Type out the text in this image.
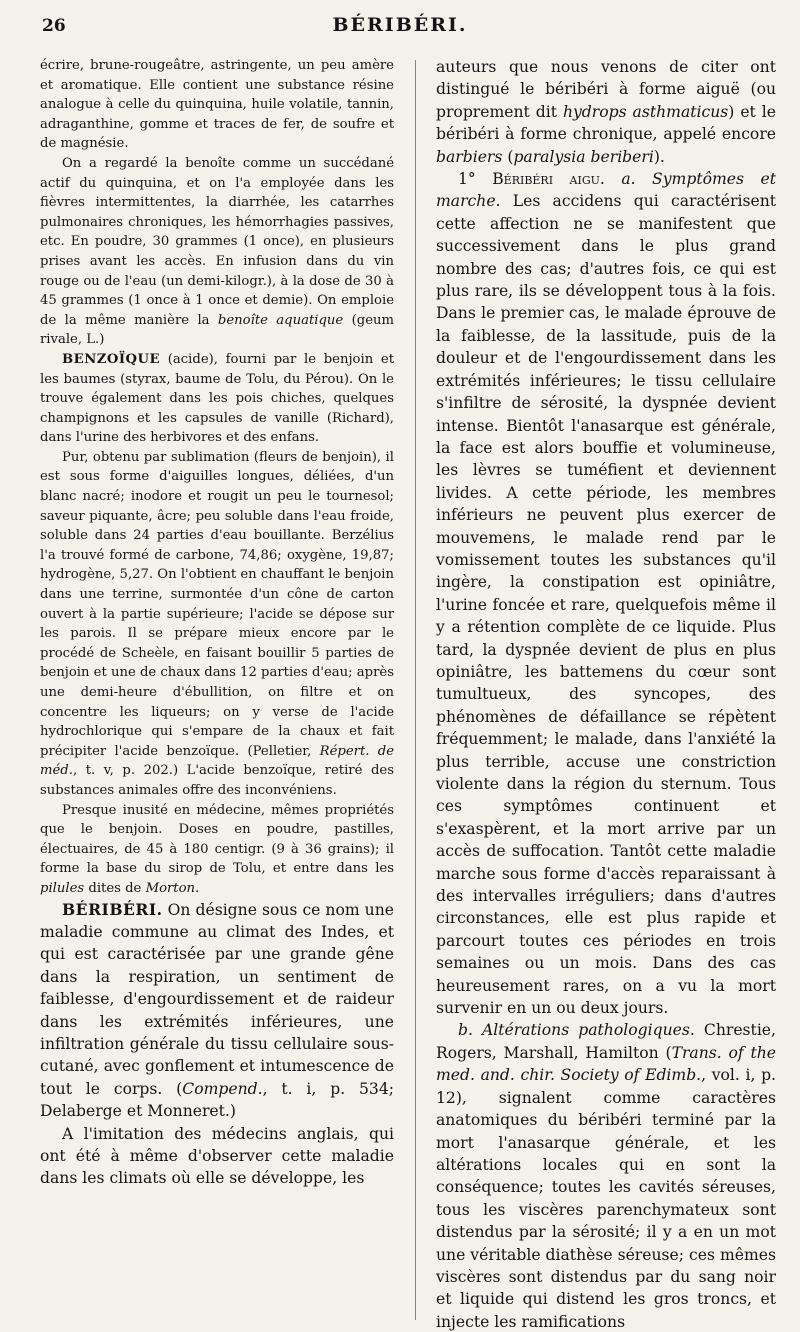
26	BÉRIBÉRI.

écrire, brune-rougeâtre, astringente, un peu amère et aromatique. Elle contient une substance résine analogue à celle du quinquina, huile volatile, tannin, adraganthine, gomme et traces de fer, de soufre et de magnésie.

On a regardé la benoîte comme un succédané actif du quinquina, et on l'a employée dans les fièvres intermittentes, la diarrhée, les catarrhes pulmonaires chroniques, les hémorrhagies passives, etc. En poudre, 30 grammes (1 once), en plusieurs prises avant les accès. En infusion dans du vin rouge ou de l'eau (un demi-kilogr.), à la dose de 30 à 45 grammes (1 once à 1 once et demie). On emploie de la même manière la benoîte aquatique (geum rivale, L.)

BENZOÏQUE (acide), fourni par le benjoin et les baumes (styrax, baume de Tolu, du Pérou). On le trouve également dans les pois chiches, quelques champignons et les capsules de vanille (Richard), dans l'urine des herbivores et des enfans.

Pur, obtenu par sublimation (fleurs de benjoin), il est sous forme d'aiguilles longues, déliées, d'un blanc nacré; inodore et rougit un peu le tournesol; saveur piquante, âcre; peu soluble dans l'eau froide, soluble dans 24 parties d'eau bouillante. Berzélius l'a trouvé formé de carbone, 74,86; oxygène, 19,87; hydrogène, 5,27. On l'obtient en chauffant le benjoin dans une terrine, surmontée d'un cône de carton ouvert à la partie supérieure; l'acide se dépose sur les parois. Il se prépare mieux encore par le procédé de Scheèle, en faisant bouillir 5 parties de benjoin et une de chaux dans 12 parties d'eau; après une demi-heure d'ébullition, on filtre et on concentre les liqueurs; on y verse de l'acide hydrochlorique qui s'empare de la chaux et fait précipiter l'acide benzoïque. (Pelletier, Répert. de méd., t. v, p. 202.) L'acide benzoïque, retiré des substances animales offre des inconvéniens.

Presque inusité en médecine, mêmes propriétés que le benjoin. Doses en poudre, pastilles, électuaires, de 45 à 180 centigr. (9 à 36 grains); il forme la base du sirop de Tolu, et entre dans les pilules dites de Morton.

BÉRIBÉRI. On désigne sous ce nom une maladie commune au climat des Indes, et qui est caractérisée par une grande gêne dans la respiration, un sentiment de faiblesse, d'engourdissement et de raideur dans les extrémités inférieures, une infiltration générale du tissu cellulaire sous-cutané, avec gonflement et intumescence de tout le corps. (Compend., t. i, p. 534; Delaberge et Monneret.)

A l'imitation des médecins anglais, qui ont été à même d'observer cette maladie dans les climats où elle se développe, les

auteurs que nous venons de citer ont distingué le béribéri à forme aiguë (ou proprement dit hydrops asthmaticus) et le béribéri à forme chronique, appelé encore barbiers (paralysia beriberi).

1° Béribéri aigu. a. Symptômes et marche. Les accidens qui caractérisent cette affection ne se manifestent que successivement dans le plus grand nombre des cas; d'autres fois, ce qui est plus rare, ils se développent tous à la fois. Dans le premier cas, le malade éprouve de la faiblesse, de la lassitude, puis de la douleur et de l'engourdissement dans les extrémités inférieures; le tissu cellulaire s'infiltre de sérosité, la dyspnée devient intense. Bientôt l'anasarque est générale, la face est alors bouffie et volumineuse, les lèvres se tuméfient et deviennent livides. A cette période, les membres inférieurs ne peuvent plus exercer de mouvemens, le malade rend par le vomissement toutes les substances qu'il ingère, la constipation est opiniâtre, l'urine foncée et rare, quelquefois même il y a rétention complète de ce liquide. Plus tard, la dyspnée devient de plus en plus opiniâtre, les battemens du cœur sont tumultueux, des syncopes, des phénomènes de défaillance se répètent fréquemment; le malade, dans l'anxiété la plus terrible, accuse une constriction violente dans la région du sternum. Tous ces symptômes continuent et s'exaspèrent, et la mort arrive par un accès de suffocation. Tantôt cette maladie marche sous forme d'accès reparaissant à des intervalles irréguliers; dans d'autres circonstances, elle est plus rapide et parcourt toutes ces périodes en trois semaines ou un mois. Dans des cas heureusement rares, on a vu la mort survenir en un ou deux jours.

b. Altérations pathologiques. Chrestie, Rogers, Marshall, Hamilton (Trans. of the med. and. chir. Society of Edimb., vol. i, p. 12), signalent comme caractères anatomiques du béribéri terminé par la mort l'anasarque générale, et les altérations locales qui en sont la conséquence; toutes les cavités séreuses, tous les viscères parenchymateux sont distendus par la sérosité; il y a en un mot une véritable diathèse séreuse; ces mêmes viscères sont distendus par du sang noir et liquide qui distend les gros troncs, et injecte les ramifications
